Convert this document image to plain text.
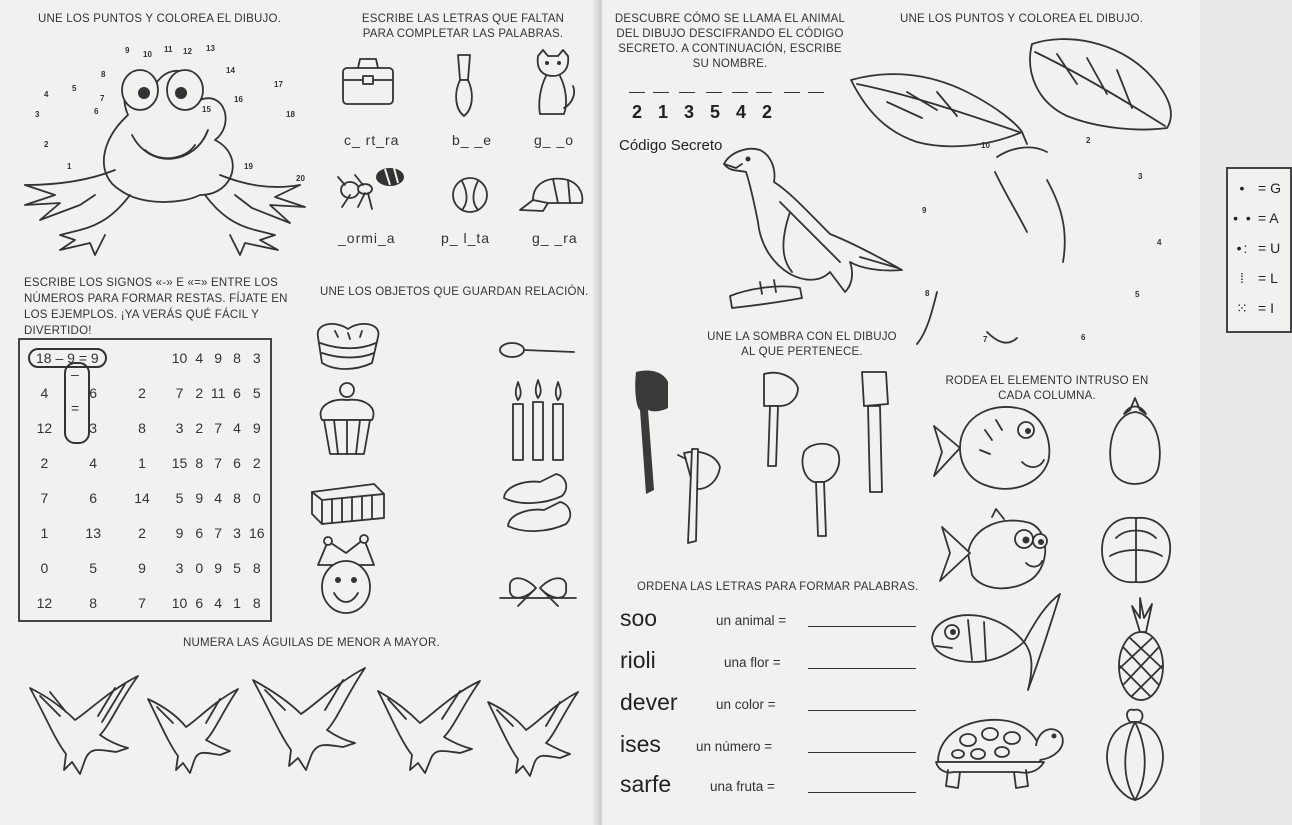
UNE LOS PUNTOS Y COLOREA EL DIBUJO.
1
2
3
4
5
6
7
8
9 10
11 12 13
14
15
16
17
18
19
20
ESCRIBE LAS LETRAS QUE FALTAN PARA COMPLETAR LAS PALABRAS.
c_ rt_ra	b_ _e	g_ _o
_ormi_a	p_ l_ta	g_ _ra
ESCRIBE LOS SIGNOS «-» E «=» ENTRE LOS NÚMEROS PARA FORMAR RESTAS. FÍJATE EN LOS EJEMPLOS. ¡YA VERÁS QUÉ FÁCIL Y DIVERTIDO!
18 – 9 = 9			10	4	9	8	3
4	6	2	7	2	11	6	5
12	3	8	3	2	7	4	9
2	4	1	15	8	7	6	2
7	6	14	5	9	4	8	0
1	13	2	9	6	7	3	16
0	5	9	3	0	9	5	8
12	8	7	10	6	4	1	8
–
=
UNE LOS OBJETOS QUE GUARDAN RELACIÓN.
NUMERA LAS ÁGUILAS DE MENOR A MAYOR.
DESCUBRE CÓMO SE LLAMA EL ANIMAL DEL DIBUJO DESCIFRANDO EL CÓDIGO SECRETO. A CONTINUACIÓN, ESCRIBE SU NOMBRE.
2 1 3 5 4 2
Código Secreto
• = G
• • = A
•: = U
⁞ = L
⁙ = I
UNE LOS PUNTOS Y COLOREA EL DIBUJO.
2
3
4
5
6
7
8
9
10
UNE LA SOMBRA CON EL DIBUJO AL QUE PERTENECE.
RODEA EL ELEMENTO INTRUSO EN CADA COLUMNA.
ORDENA LAS LETRAS PARA FORMAR PALABRAS.
soo	un animal =
rioli	una flor =
dever	un color =
ises	un número =
sarfe	una fruta =
